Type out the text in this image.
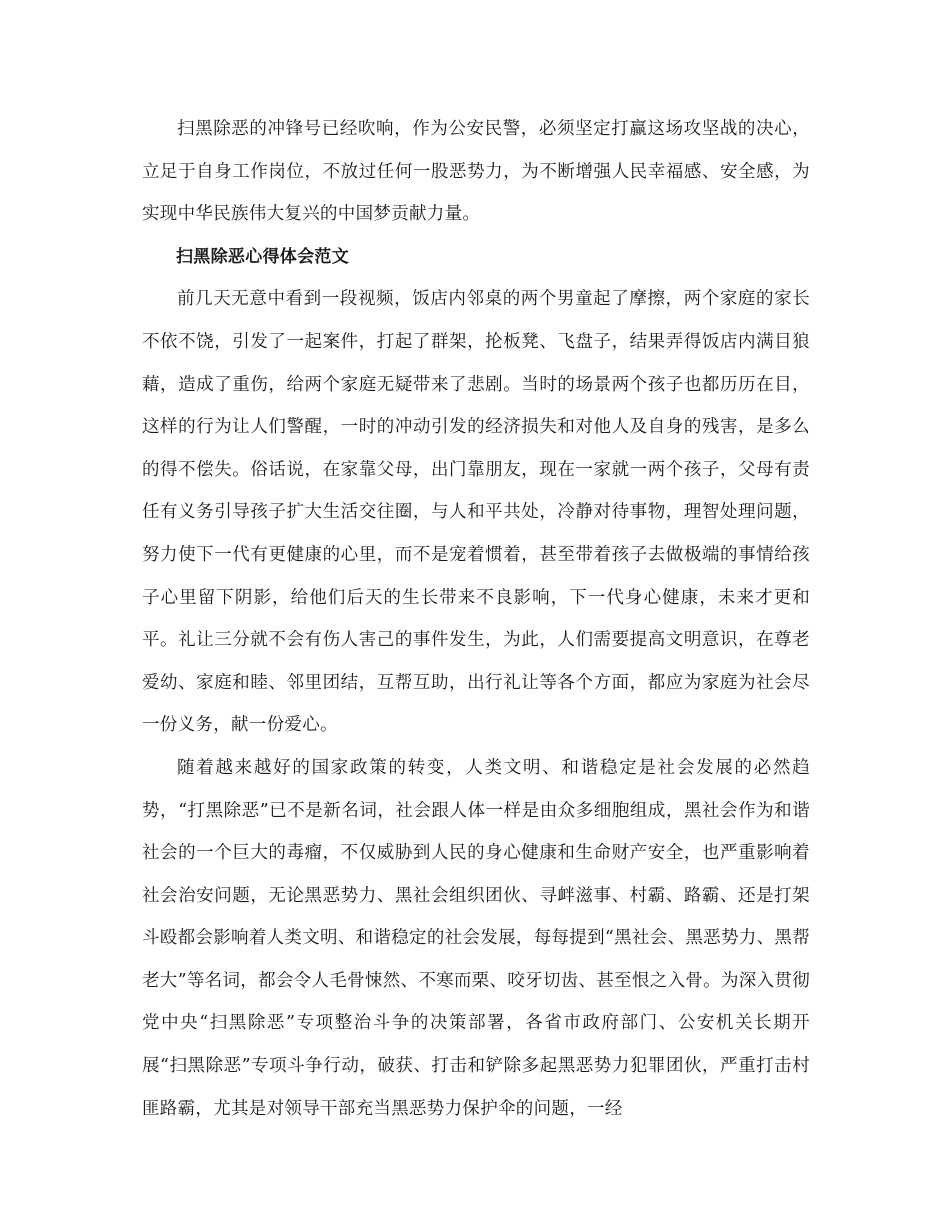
扫黑除恶的冲锋号已经吹响，作为公安民警，必须坚定打赢这场攻坚战的决心，立足于自身工作岗位，不放过任何一股恶势力，为不断增强人民幸福感、安全感，为实现中华民族伟大复兴的中国梦贡献力量。

扫黑除恶心得体会范文

前几天无意中看到一段视频，饭店内邻桌的两个男童起了摩擦，两个家庭的家长不依不饶，引发了一起案件，打起了群架，抡板凳、飞盘子，结果弄得饭店内满目狼藉，造成了重伤，给两个家庭无疑带来了悲剧。当时的场景两个孩子也都历历在目，这样的行为让人们警醒，一时的冲动引发的经济损失和对他人及自身的残害，是多么的得不偿失。俗话说，在家靠父母，出门靠朋友，现在一家就一两个孩子，父母有责任有义务引导孩子扩大生活交往圈，与人和平共处，冷静对待事物，理智处理问题，努力使下一代有更健康的心里，而不是宠着惯着，甚至带着孩子去做极端的事情给孩子心里留下阴影，给他们后天的生长带来不良影响，下一代身心健康，未来才更和平。礼让三分就不会有伤人害己的事件发生，为此，人们需要提高文明意识，在尊老爱幼、家庭和睦、邻里团结，互帮互助，出行礼让等各个方面，都应为家庭为社会尽一份义务，献一份爱心。

随着越来越好的国家政策的转变，人类文明、和谐稳定是社会发展的必然趋势，“打黑除恶”已不是新名词，社会跟人体一样是由众多细胞组成，黑社会作为和谐社会的一个巨大的毒瘤，不仅威胁到人民的身心健康和生命财产安全，也严重影响着社会治安问题，无论黑恶势力、黑社会组织团伙、寻衅滋事、村霸、路霸、还是打架斗殴都会影响着人类文明、和谐稳定的社会发展，每每提到“黑社会、黑恶势力、黑帮老大”等名词，都会令人毛骨悚然、不寒而栗、咬牙切齿、甚至恨之入骨。为深入贯彻党中央“扫黑除恶”专项整治斗争的决策部署，各省市政府部门、公安机关长期开展“扫黑除恶”专项斗争行动，破获、打击和铲除多起黑恶势力犯罪团伙，严重打击村匪路霸，尤其是对领导干部充当黑恶势力保护伞的问题，一经
